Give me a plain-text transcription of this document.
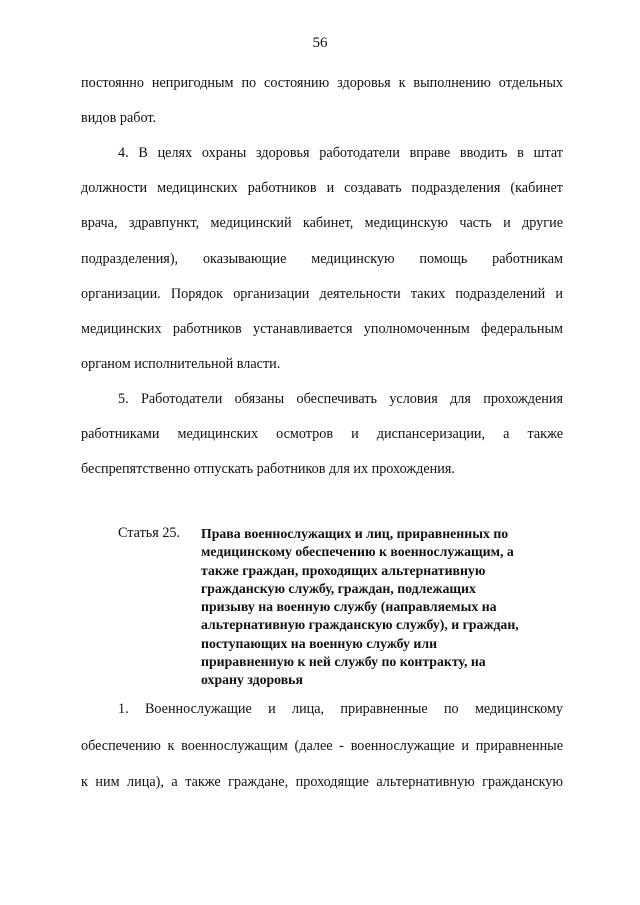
56
постоянно непригодным по состоянию здоровья к выполнению отдельных
видов работ.
4. В целях охраны здоровья работодатели вправе вводить в штат
должности медицинских работников и создавать подразделения (кабинет
врача, здравпункт, медицинский кабинет, медицинскую часть и другие
подразделения), оказывающие медицинскую помощь работникам
организации. Порядок организации деятельности таких подразделений и
медицинских работников устанавливается уполномоченным федеральным
органом исполнительной власти.
5. Работодатели обязаны обеспечивать условия для прохождения
работниками медицинских осмотров и диспансеризации, а также
беспрепятственно отпускать работников для их прохождения.
Статья 25. Права военнослужащих и лиц, приравненных по
медицинскому обеспечению к военнослужащим, а
также граждан, проходящих альтернативную
гражданскую службу, граждан, подлежащих
призыву на военную службу (направляемых на
альтернативную гражданскую службу), и граждан,
поступающих на военную службу или
приравненную к ней службу по контракту, на
охрану здоровья
1. Военнослужащие и лица, приравненные по медицинскому
обеспечению к военнослужащим (далее - военнослужащие и приравненные
к ним лица), а также граждане, проходящие альтернативную гражданскую
